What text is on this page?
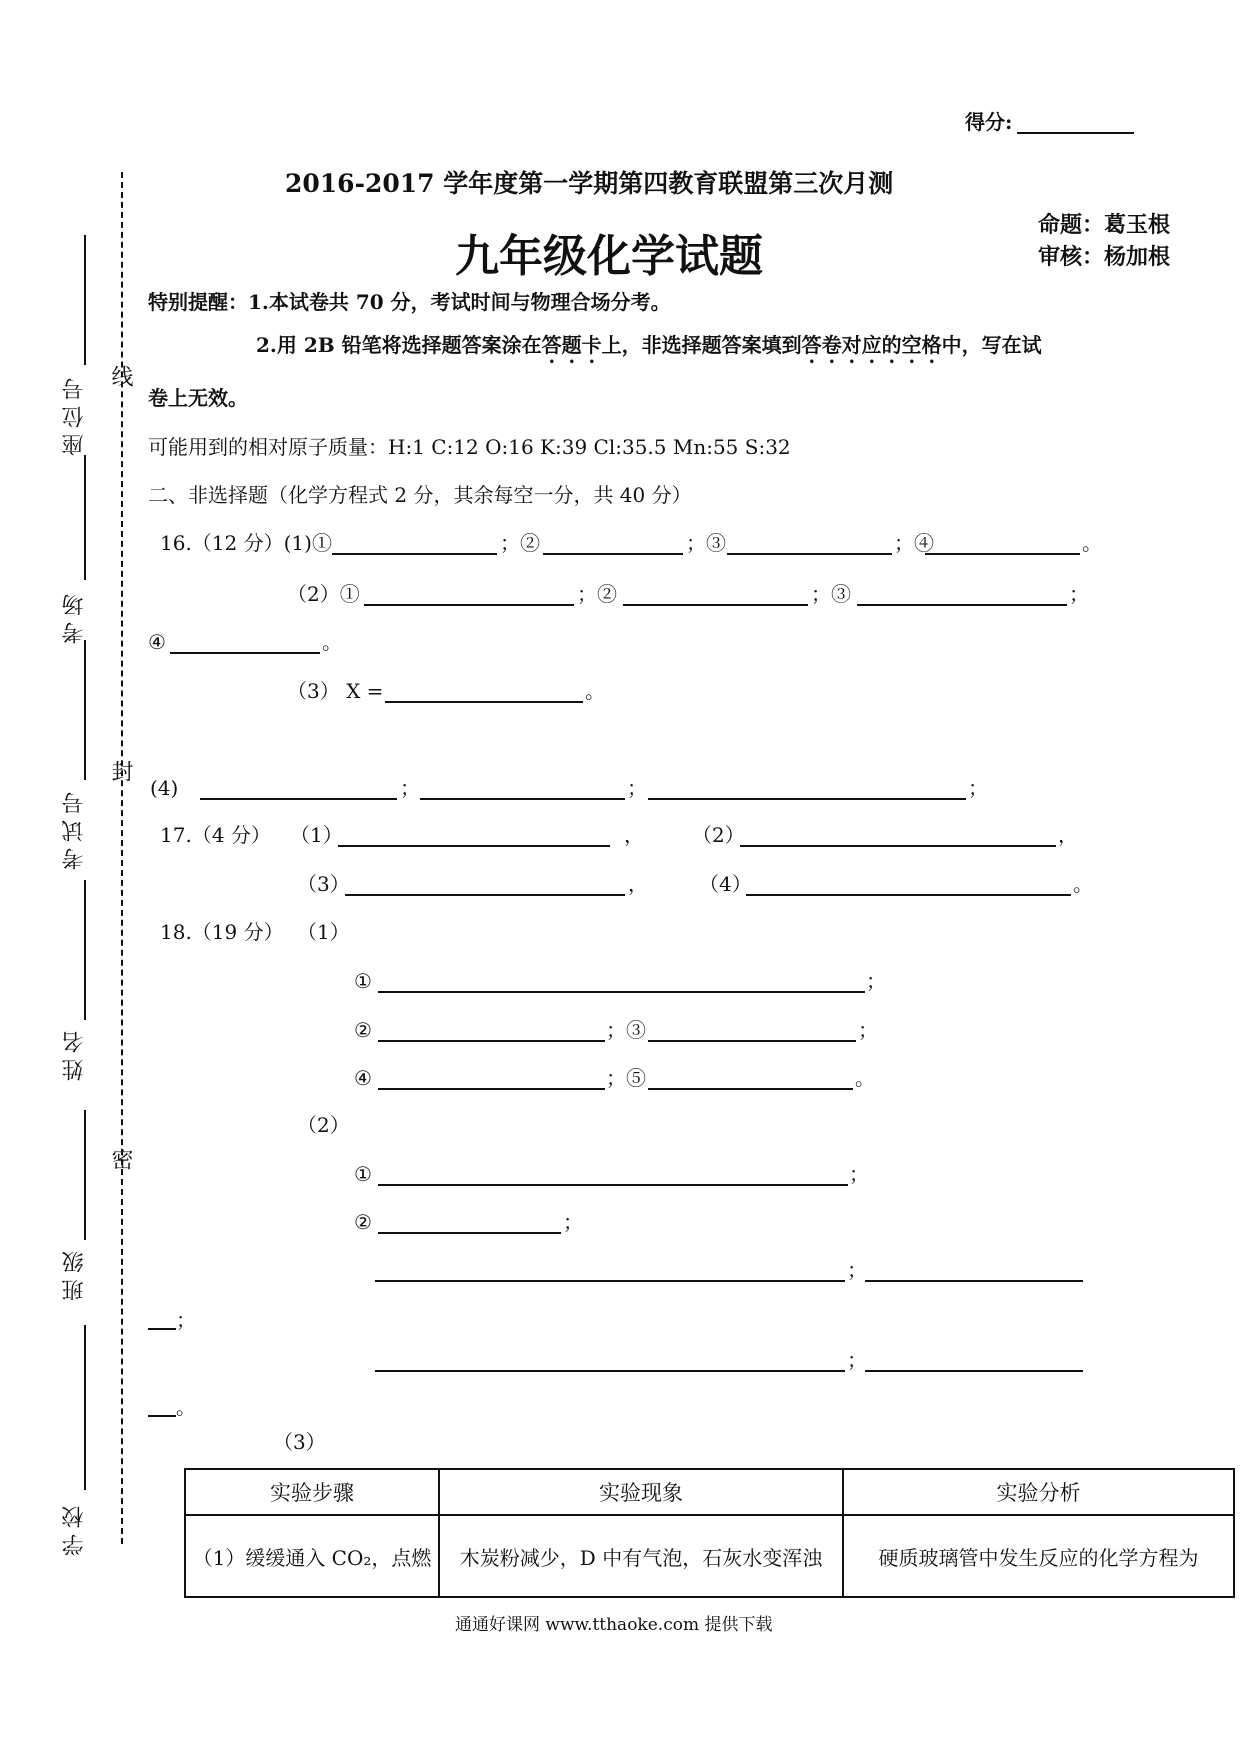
得分:
2016-2017 学年度第一学期第四教育联盟第三次月测
九年级化学试题
命题：葛玉根
审核：杨加根
特别提醒：1.本试卷共 70 分，考试时间与物理合场分考。
2.用 2B 铅笔将选择题答案涂在答题卡上，非选择题答案填到答卷对应的空格中，写在试
卷上无效。
可能用到的相对原子质量：H:1 C:12 O:16 K:39 Cl:35.5 Mn:55 S:32
二、非选择题（化学方程式 2 分，其余每空一分，共 40 分）
16.（12 分）(1)①	；②	；③	；④	。
（2）①	；②	；③	；
④	。
（3） X =	。
(4)	；	；	；
17.（4 分） （1）	， （2）	，
（3）	，	（4）	。
18.（19 分） （1）
①	；
②	；③	；
④	；⑤	。
（2）
①	；
②	；
；
；
；
。
（3）
实验步骤	实验现象	实验分析
（1）缓缓通入 CO₂，点燃	木炭粉减少，D 中有气泡，石灰水变浑浊	硬质玻璃管中发生反应的化学方程为
线
封
密
座位号
考场
考试号
姓名
班级
学校
通通好课网 www.tthaoke.com 提供下载
